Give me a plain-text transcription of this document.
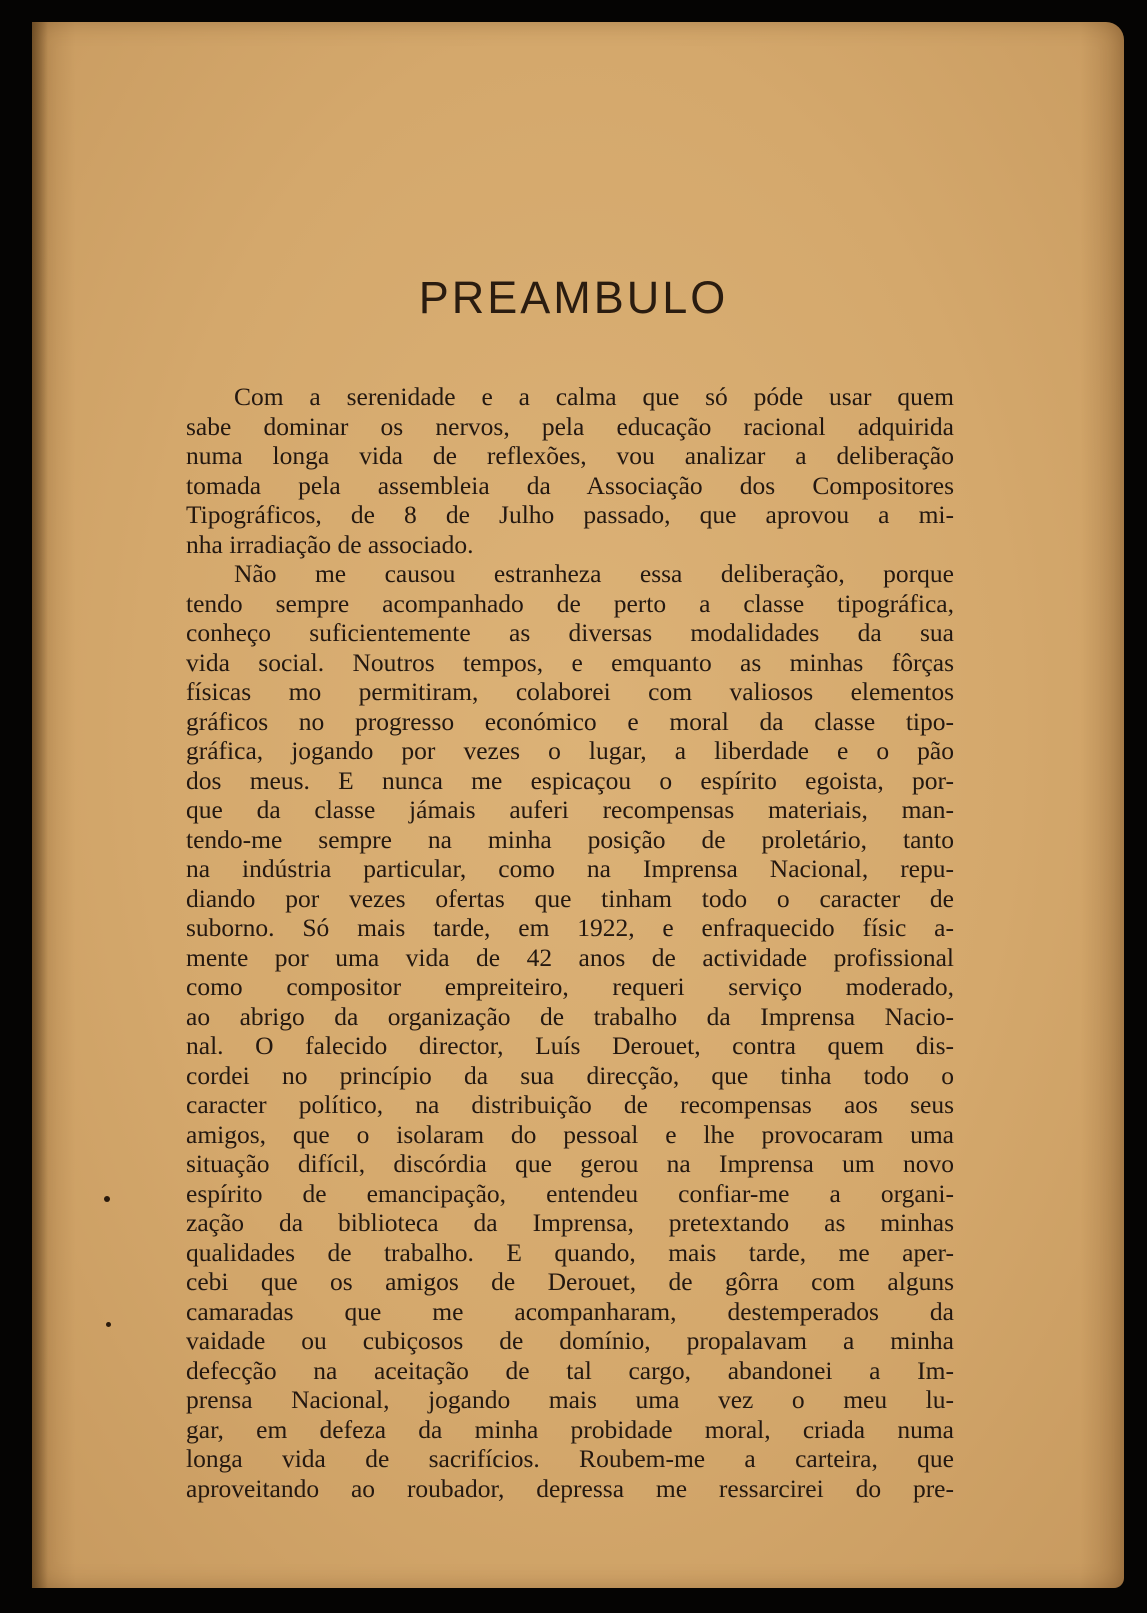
PREAMBULO
Com a serenidade e a calma que só póde usar quem
sabe dominar os nervos, pela educação racional adquirida
numa longa vida de reflexões, vou analizar a deliberação
tomada pela assembleia da Associação dos Compositores
Tipográficos, de 8 de Julho passado, que aprovou a mi-
nha irradiação de associado.
Não me causou estranheza essa deliberação, porque
tendo sempre acompanhado de perto a classe tipográfica,
conheço suficientemente as diversas modalidades da sua
vida social. Noutros tempos, e emquanto as minhas fôrças
físicas mo permitiram, colaborei com valiosos elementos
gráficos no progresso económico e moral da classe tipo-
gráfica, jogando por vezes o lugar, a liberdade e o pão
dos meus. E nunca me espicaçou o espírito egoista, por-
que da classe jámais auferi recompensas materiais, man-
tendo-me sempre na minha posição de proletário, tanto
na indústria particular, como na Imprensa Nacional, repu-
diando por vezes ofertas que tinham todo o caracter de
suborno. Só mais tarde, em 1922, e enfraquecido físic a-
mente por uma vida de 42 anos de actividade profissional
como compositor empreiteiro, requeri serviço moderado,
ao abrigo da organização de trabalho da Imprensa Nacio-
nal. O falecido director, Luís Derouet, contra quem dis-
cordei no princípio da sua direcção, que tinha todo o
caracter político, na distribuição de recompensas aos seus
amigos, que o isolaram do pessoal e lhe provocaram uma
situação difícil, discórdia que gerou na Imprensa um novo
espírito de emancipação, entendeu confiar-me a organi-
zação da biblioteca da Imprensa, pretextando as minhas
qualidades de trabalho. E quando, mais tarde, me aper-
cebi que os amigos de Derouet, de gôrra com alguns
camaradas que me acompanharam, destemperados da
vaidade ou cubiçosos de domínio, propalavam a minha
defecção na aceitação de tal cargo, abandonei a Im-
prensa Nacional, jogando mais uma vez o meu lu-
gar, em defeza da minha probidade moral, criada numa
longa vida de sacrifícios. Roubem-me a carteira, que
aproveitando ao roubador, depressa me ressarcirei do pre-
